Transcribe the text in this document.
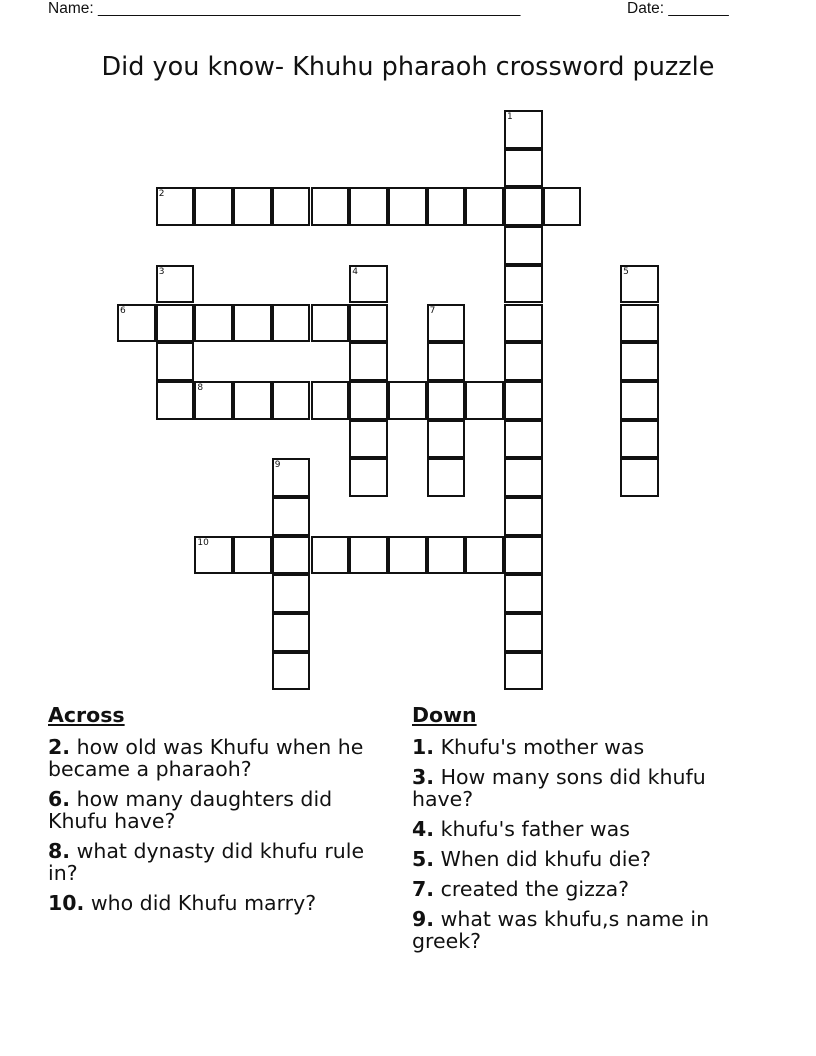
Name: _________________________________________________	Date: _______
Did you know- Khuhu pharaoh crossword puzzle
1
2
3	4	5
6	7
8
9
10
Across
2. how old was Khufu when he became a pharaoh?
6. how many daughters did Khufu have?
8. what dynasty did khufu rule in?
10. who did Khufu marry?
Down
1. Khufu's mother was
3. How many sons did khufu have?
4. khufu's father was
5. When did khufu die?
7. created the gizza?
9. what was khufu,s name in greek?
